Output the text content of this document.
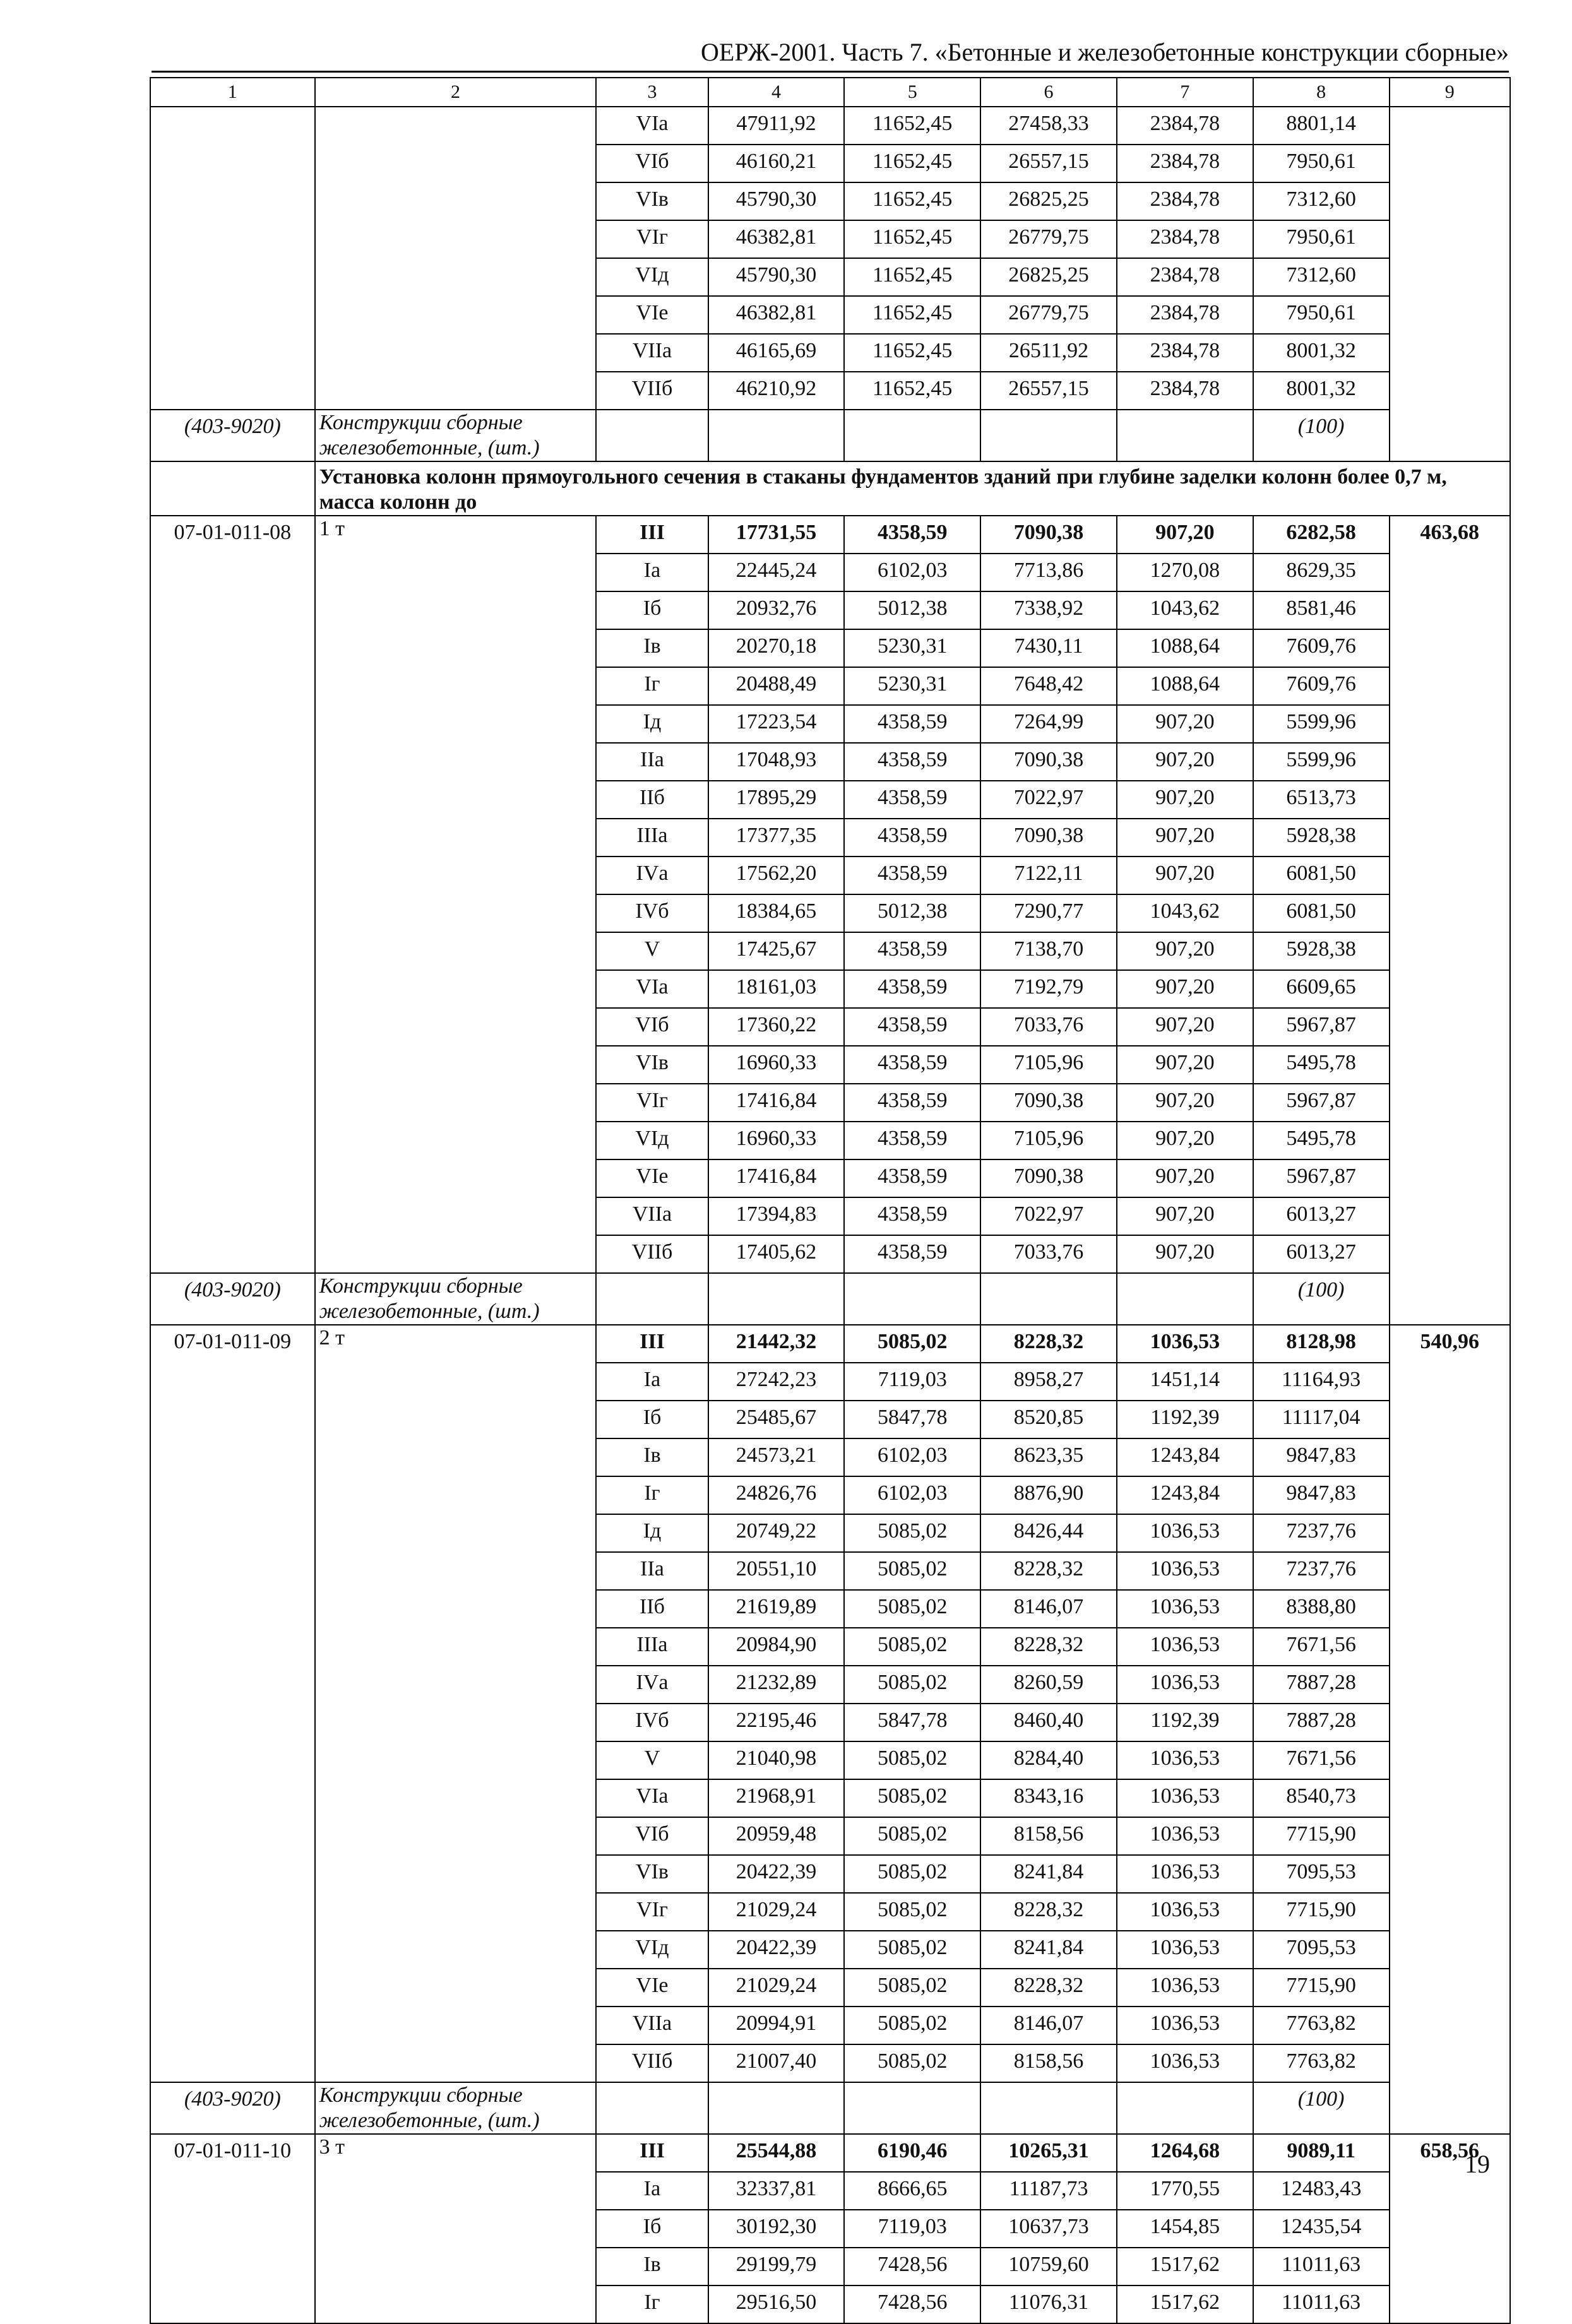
ОЕРЖ-2001. Часть 7. «Бетонные и железобетонные конструкции сборные»
1	2	3	4	5	6	7	8	9
		VIа	47911,92	11652,45	27458,33	2384,78	8801,14	
		VIб	46160,21	11652,45	26557,15	2384,78	7950,61	
		VIв	45790,30	11652,45	26825,25	2384,78	7312,60	
		VIг	46382,81	11652,45	26779,75	2384,78	7950,61	
		VIд	45790,30	11652,45	26825,25	2384,78	7312,60	
		VIе	46382,81	11652,45	26779,75	2384,78	7950,61	
		VIIа	46165,69	11652,45	26511,92	2384,78	8001,32	
		VIIб	46210,92	11652,45	26557,15	2384,78	8001,32	
(403-9020)	Конструкции сборные железобетонные, (шт.)						(100)	
	Установка колонн прямоугольного сечения в стаканы фундаментов зданий при глубине заделки колонн более 0,7 м, масса колонн до							
07-01-011-08	1 т	III	17731,55	4358,59	7090,38	907,20	6282,58	463,68
		Iа	22445,24	6102,03	7713,86	1270,08	8629,35	
		Iб	20932,76	5012,38	7338,92	1043,62	8581,46	
		Iв	20270,18	5230,31	7430,11	1088,64	7609,76	
		Iг	20488,49	5230,31	7648,42	1088,64	7609,76	
		Iд	17223,54	4358,59	7264,99	907,20	5599,96	
		IIа	17048,93	4358,59	7090,38	907,20	5599,96	
		IIб	17895,29	4358,59	7022,97	907,20	6513,73	
		IIIа	17377,35	4358,59	7090,38	907,20	5928,38	
		IVа	17562,20	4358,59	7122,11	907,20	6081,50	
		IVб	18384,65	5012,38	7290,77	1043,62	6081,50	
		V	17425,67	4358,59	7138,70	907,20	5928,38	
		VIа	18161,03	4358,59	7192,79	907,20	6609,65	
		VIб	17360,22	4358,59	7033,76	907,20	5967,87	
		VIв	16960,33	4358,59	7105,96	907,20	5495,78	
		VIг	17416,84	4358,59	7090,38	907,20	5967,87	
		VIд	16960,33	4358,59	7105,96	907,20	5495,78	
		VIе	17416,84	4358,59	7090,38	907,20	5967,87	
		VIIа	17394,83	4358,59	7022,97	907,20	6013,27	
		VIIб	17405,62	4358,59	7033,76	907,20	6013,27	
(403-9020)	Конструкции сборные железобетонные, (шт.)						(100)	
07-01-011-09	2 т	III	21442,32	5085,02	8228,32	1036,53	8128,98	540,96
		Iа	27242,23	7119,03	8958,27	1451,14	11164,93	
		Iб	25485,67	5847,78	8520,85	1192,39	11117,04	
		Iв	24573,21	6102,03	8623,35	1243,84	9847,83	
		Iг	24826,76	6102,03	8876,90	1243,84	9847,83	
		Iд	20749,22	5085,02	8426,44	1036,53	7237,76	
		IIа	20551,10	5085,02	8228,32	1036,53	7237,76	
		IIб	21619,89	5085,02	8146,07	1036,53	8388,80	
		IIIа	20984,90	5085,02	8228,32	1036,53	7671,56	
		IVа	21232,89	5085,02	8260,59	1036,53	7887,28	
		IVб	22195,46	5847,78	8460,40	1192,39	7887,28	
		V	21040,98	5085,02	8284,40	1036,53	7671,56	
		VIа	21968,91	5085,02	8343,16	1036,53	8540,73	
		VIб	20959,48	5085,02	8158,56	1036,53	7715,90	
		VIв	20422,39	5085,02	8241,84	1036,53	7095,53	
		VIг	21029,24	5085,02	8228,32	1036,53	7715,90	
		VIд	20422,39	5085,02	8241,84	1036,53	7095,53	
		VIе	21029,24	5085,02	8228,32	1036,53	7715,90	
		VIIа	20994,91	5085,02	8146,07	1036,53	7763,82	
		VIIб	21007,40	5085,02	8158,56	1036,53	7763,82	
(403-9020)	Конструкции сборные железобетонные, (шт.)						(100)	
07-01-011-10	3 т	III	25544,88	6190,46	10265,31	1264,68	9089,11	658,56
		Iа	32337,81	8666,65	11187,73	1770,55	12483,43	
		Iб	30192,30	7119,03	10637,73	1454,85	12435,54	
		Iв	29199,79	7428,56	10759,60	1517,62	11011,63	
		Iг	29516,50	7428,56	11076,31	1517,62	11011,63	
19
